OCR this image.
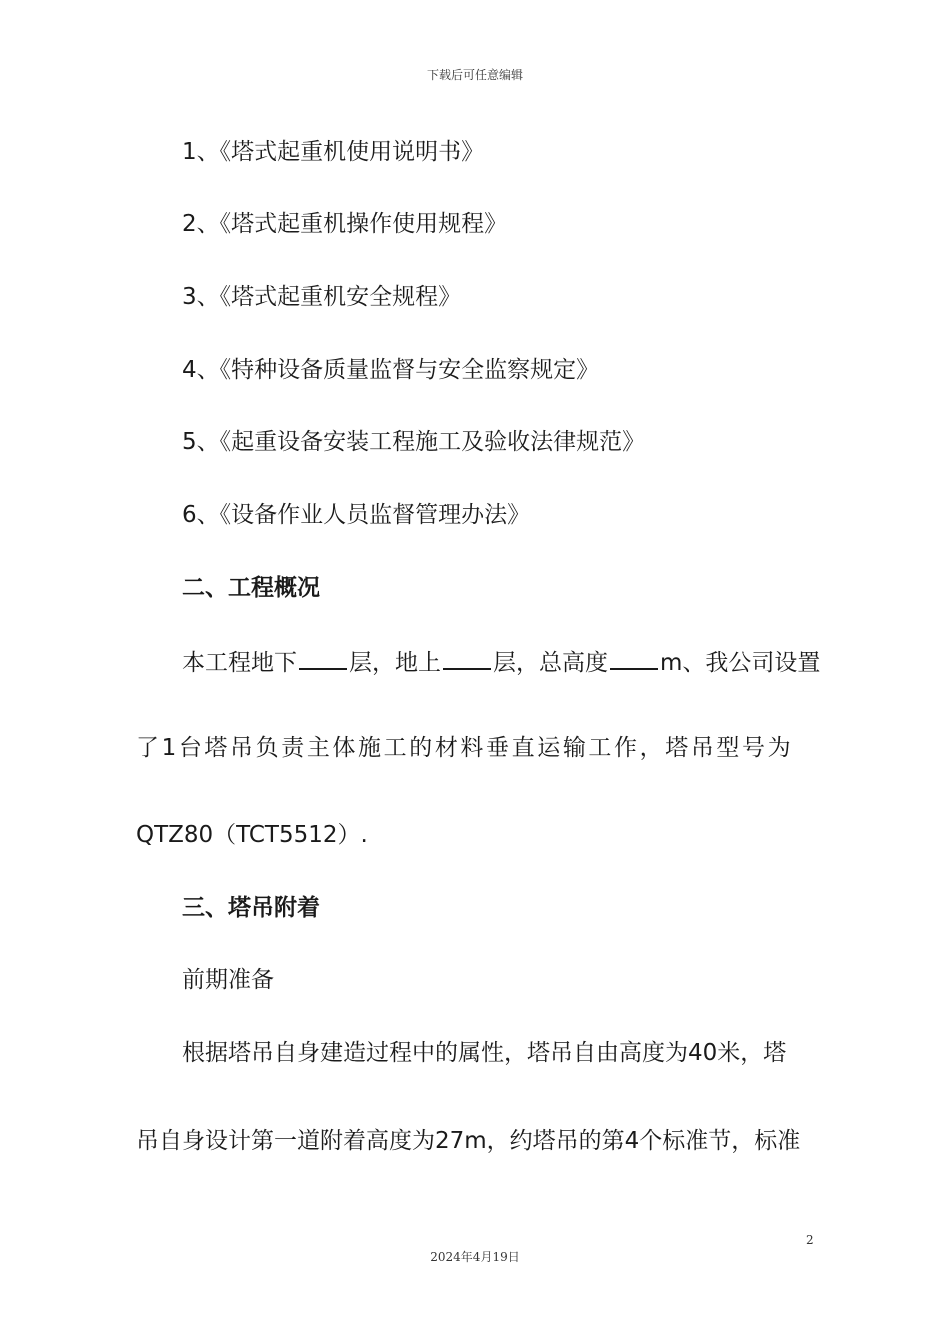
下载后可任意编辑
1、《塔式起重机使用说明书》
2、《塔式起重机操作使用规程》
3、《塔式起重机安全规程》
4、《特种设备质量监督与安全监察规定》
5、《起重设备安装工程施工及验收法律规范》
6、《设备作业人员监督管理办法》
二、工程概况
本工程地下 层，地上 层，总高度 m、我公司设置
了1台塔吊负责主体施工的材料垂直运输工作，塔吊型号为
QTZ80（TCT5512）.
三、塔吊附着
前期准备
根据塔吊自身建造过程中的属性，塔吊自由高度为40米，塔
吊自身设计第一道附着高度为27m，约塔吊的第4个标准节，标准
2
2024年4月19日
